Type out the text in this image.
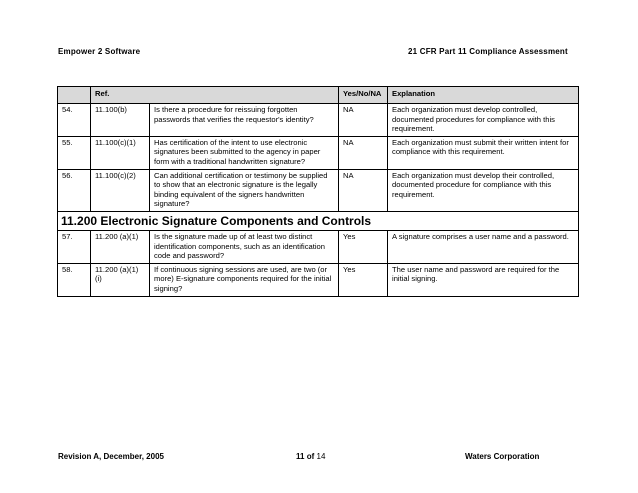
Empower 2 Software	21 CFR Part 11 Compliance Assessment
	Ref.		Yes/No/NA	Explanation
54.	11.100(b)	Is there a procedure for reissuing forgotten passwords that verifies the requestor's identity?	NA	Each organization must develop controlled, documented procedures for compliance with this requirement.
55.	11.100(c)(1)	Has certification of the intent to use electronic signatures been submitted to the agency in paper form with a traditional handwritten signature?	NA	Each organization must submit their written intent for compliance with this requirement.
56.	11.100(c)(2)	Can additional certification or testimony be supplied to show that an electronic signature is the legally binding equivalent of the signers handwritten signature?	NA	Each organization must develop their controlled, documented procedure for compliance with this requirement.
11.200 Electronic Signature Components and Controls				
57.	11.200 (a)(1)	Is the signature made up of at least two distinct identification components, such as an identification code and password?	Yes	A signature comprises a user name and a password.
58.	11.200 (a)(1)(i)	If continuous signing sessions are used, are two (or more) E-signature components required for the initial signing?	Yes	The user name and password are required for the initial signing.
Revision A, December, 2005	11 of 14	Waters Corporation
